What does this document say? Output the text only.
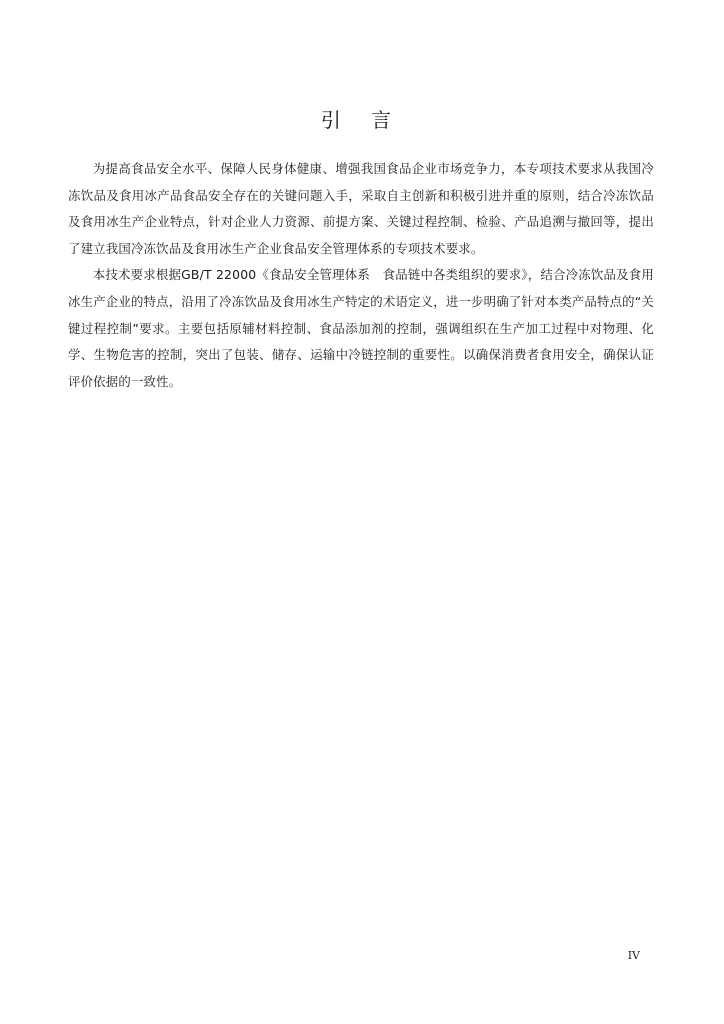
引 言

为提高食品安全水平、保障人民身体健康、增强我国食品企业市场竞争力，本专项技术要求从我国冷冻饮品及食用冰产品食品安全存在的关键问题入手，采取自主创新和积极引进并重的原则，结合冷冻饮品及食用冰生产企业特点，针对企业人力资源、前提方案、关键过程控制、检验、产品追溯与撤回等，提出了建立我国冷冻饮品及食用冰生产企业食品安全管理体系的专项技术要求。

本技术要求根据GB/T 22000《食品安全管理体系　食品链中各类组织的要求》，结合冷冻饮品及食用冰生产企业的特点，沿用了冷冻饮品及食用冰生产特定的术语定义，进一步明确了针对本类产品特点的“关键过程控制”要求。主要包括原辅材料控制、食品添加剂的控制，强调组织在生产加工过程中对物理、化学、生物危害的控制，突出了包装、储存、运输中冷链控制的重要性。以确保消费者食用安全，确保认证评价依据的一致性。

IV
